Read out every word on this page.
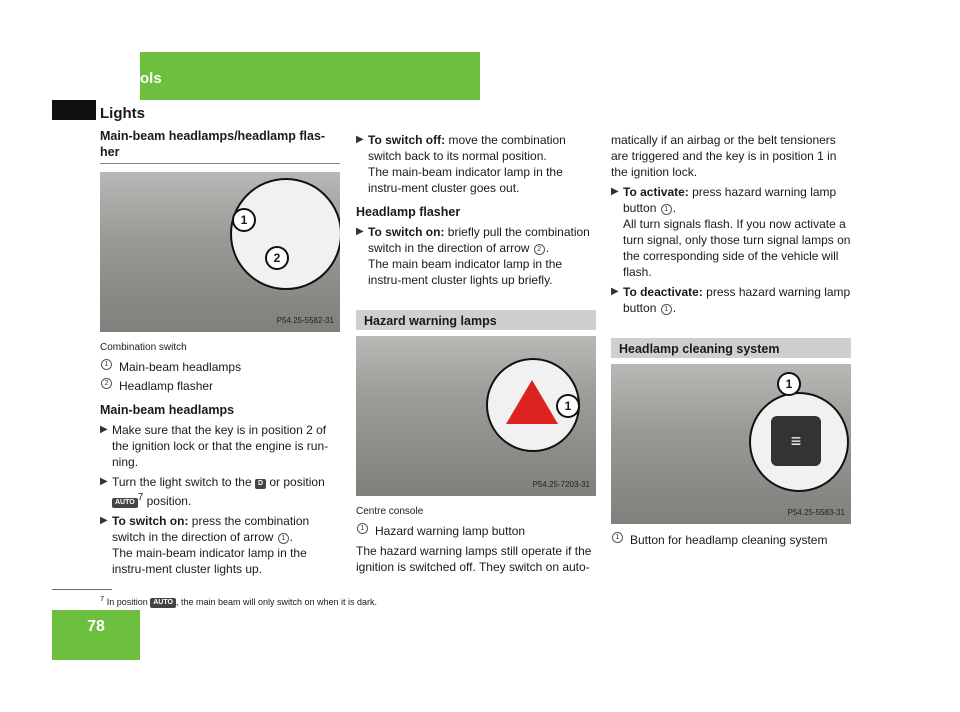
Controls
Lights

Main-beam headlamps/headlamp flas-her

1
2
P54.25-5582-31

Combination switch

1 Main-beam headlamps

2 Headlamp flasher

Main-beam headlamps

▶ Make sure that the key is in position 2 of the ignition lock or that the engine is run-ning.

▶ Turn the light switch to the D or position AUTO $^7$ position.

▶ To switch on: press the combination switch in the direction of arrow 1 .
The main-beam indicator lamp in the instru-ment cluster lights up.

▶ To switch off: move the combination switch back to its normal position.
The main-beam indicator lamp in the instru-ment cluster goes out.

Headlamp flasher

▶ To switch on: briefly pull the combination switch in the direction of arrow 2 .
The main beam indicator lamp in the instru-ment cluster lights up briefly.

Hazard warning lamps
1
P54.25-7203-31

Centre console

1 Hazard warning lamp button

The hazard warning lamps still operate if the ignition is switched off. They switch on auto-

matically if an airbag or the belt tensioners are triggered and the key is in position 1 in the ignition lock.

▶ To activate: press hazard warning lamp button 1 .
All turn signals flash. If you now activate a turn signal, only those turn signal lamps on the corresponding side of the vehicle will flash.

▶ To deactivate: press hazard warning lamp button 1 .

Headlamp cleaning system
1
≡
P54.25-5583-31

1 Button for headlamp cleaning system

$^7$ In position AUTO , the main beam will only switch on when it is dark.
78
